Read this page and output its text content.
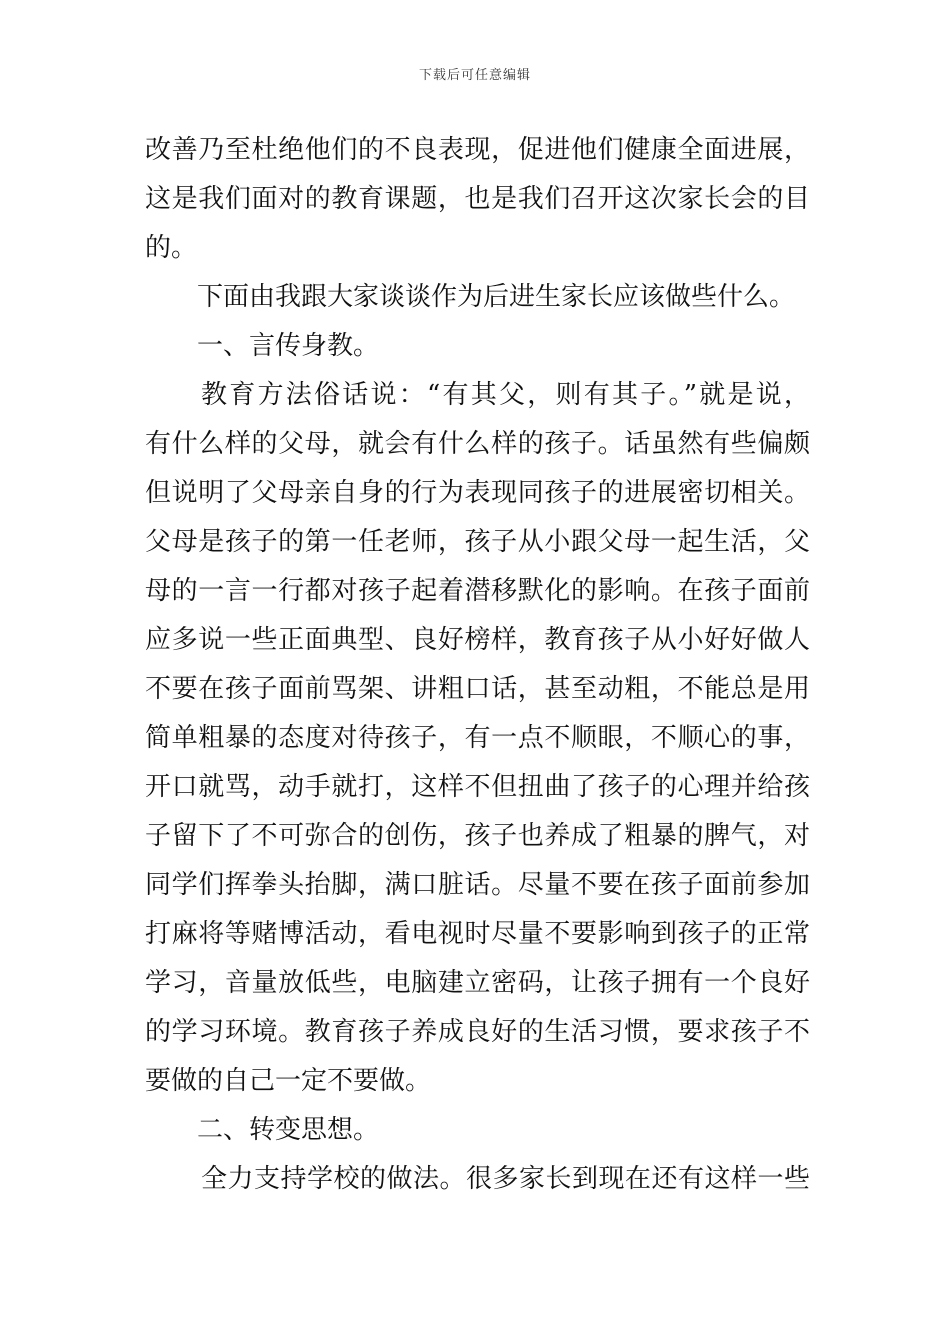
下载后可任意编辑
改善乃至杜绝他们的不良表现，促进他们健康全面进展，
这是我们面对的教育课题，也是我们召开这次家长会的目
的。
下面由我跟大家谈谈作为后进生家长应该做些什么。
一、言传身教。
教育方法俗话说：“有其父，则有其子。”就是说，
有什么样的父母，就会有什么样的孩子。话虽然有些偏颇
但说明了父母亲自身的行为表现同孩子的进展密切相关。
父母是孩子的第一任老师，孩子从小跟父母一起生活，父
母的一言一行都对孩子起着潜移默化的影响。在孩子面前
应多说一些正面典型、良好榜样，教育孩子从小好好做人
不要在孩子面前骂架、讲粗口话，甚至动粗，不能总是用
简单粗暴的态度对待孩子，有一点不顺眼，不顺心的事，
开口就骂，动手就打，这样不但扭曲了孩子的心理并给孩
子留下了不可弥合的创伤，孩子也养成了粗暴的脾气，对
同学们挥拳头抬脚，满口脏话。尽量不要在孩子面前参加
打麻将等赌博活动，看电视时尽量不要影响到孩子的正常
学习，音量放低些，电脑建立密码，让孩子拥有一个良好
的学习环境。教育孩子养成良好的生活习惯，要求孩子不
要做的自己一定不要做。
二、转变思想。
全力支持学校的做法。很多家长到现在还有这样一些
